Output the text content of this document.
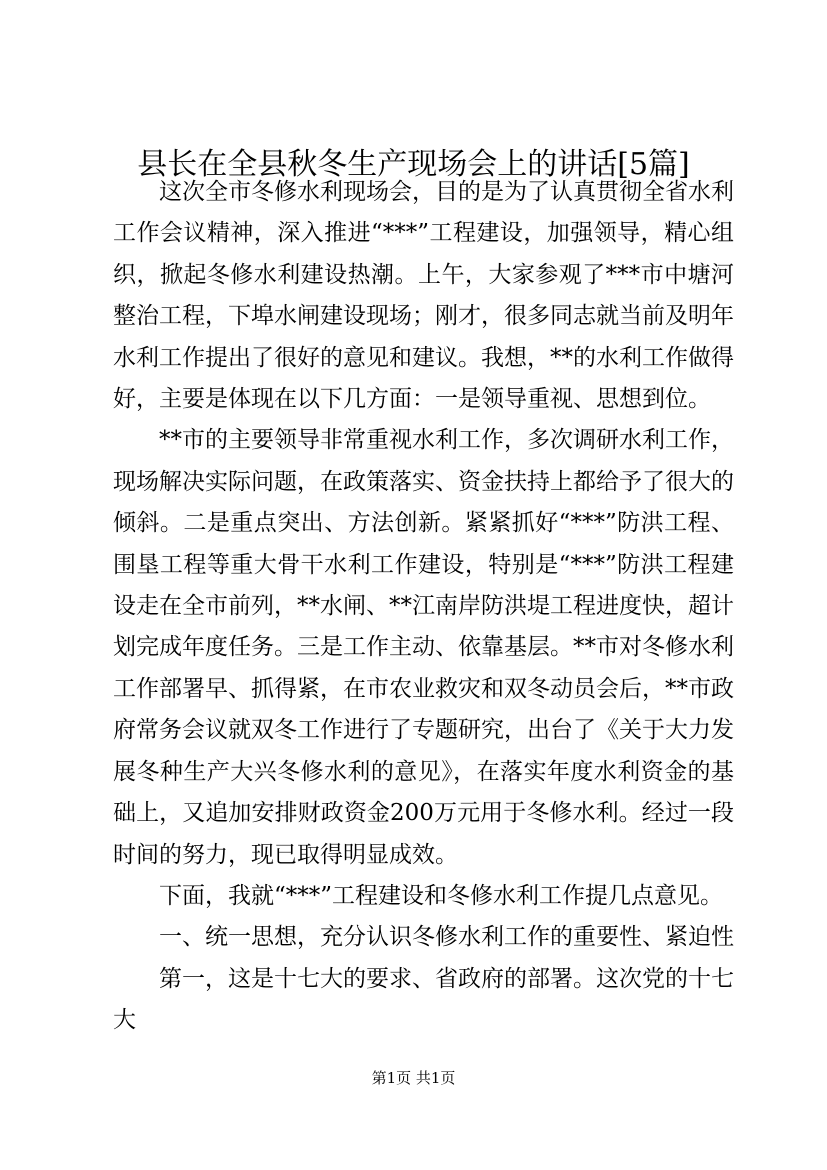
县长在全县秋冬生产现场会上的讲话[5篇]

这次全市冬修水利现场会，目的是为了认真贯彻全省水利工作会议精神，深入推进“***”工程建设，加强领导，精心组织，掀起冬修水利建设热潮。上午，大家参观了***市中塘河整治工程，下埠水闸建设现场；刚才，很多同志就当前及明年水利工作提出了很好的意见和建议。我想，**的水利工作做得好，主要是体现在以下几方面：一是领导重视、思想到位。

**市的主要领导非常重视水利工作，多次调研水利工作，现场解决实际问题，在政策落实、资金扶持上都给予了很大的倾斜。二是重点突出、方法创新。紧紧抓好“***”防洪工程、围垦工程等重大骨干水利工作建设，特别是“***”防洪工程建设走在全市前列，**水闸、**江南岸防洪堤工程进度快，超计划完成年度任务。三是工作主动、依靠基层。**市对冬修水利工作部署早、抓得紧，在市农业救灾和双冬动员会后，**市政府常务会议就双冬工作进行了专题研究，出台了《关于大力发展冬种生产大兴冬修水利的意见》，在落实年度水利资金的基础上，又追加安排财政资金200万元用于冬修水利。经过一段时间的努力，现已取得明显成效。

下面，我就“***”工程建设和冬修水利工作提几点意见。

一、统一思想，充分认识冬修水利工作的重要性、紧迫性

第一，这是十七大的要求、省政府的部署。这次党的十七大

第1页 共1页
